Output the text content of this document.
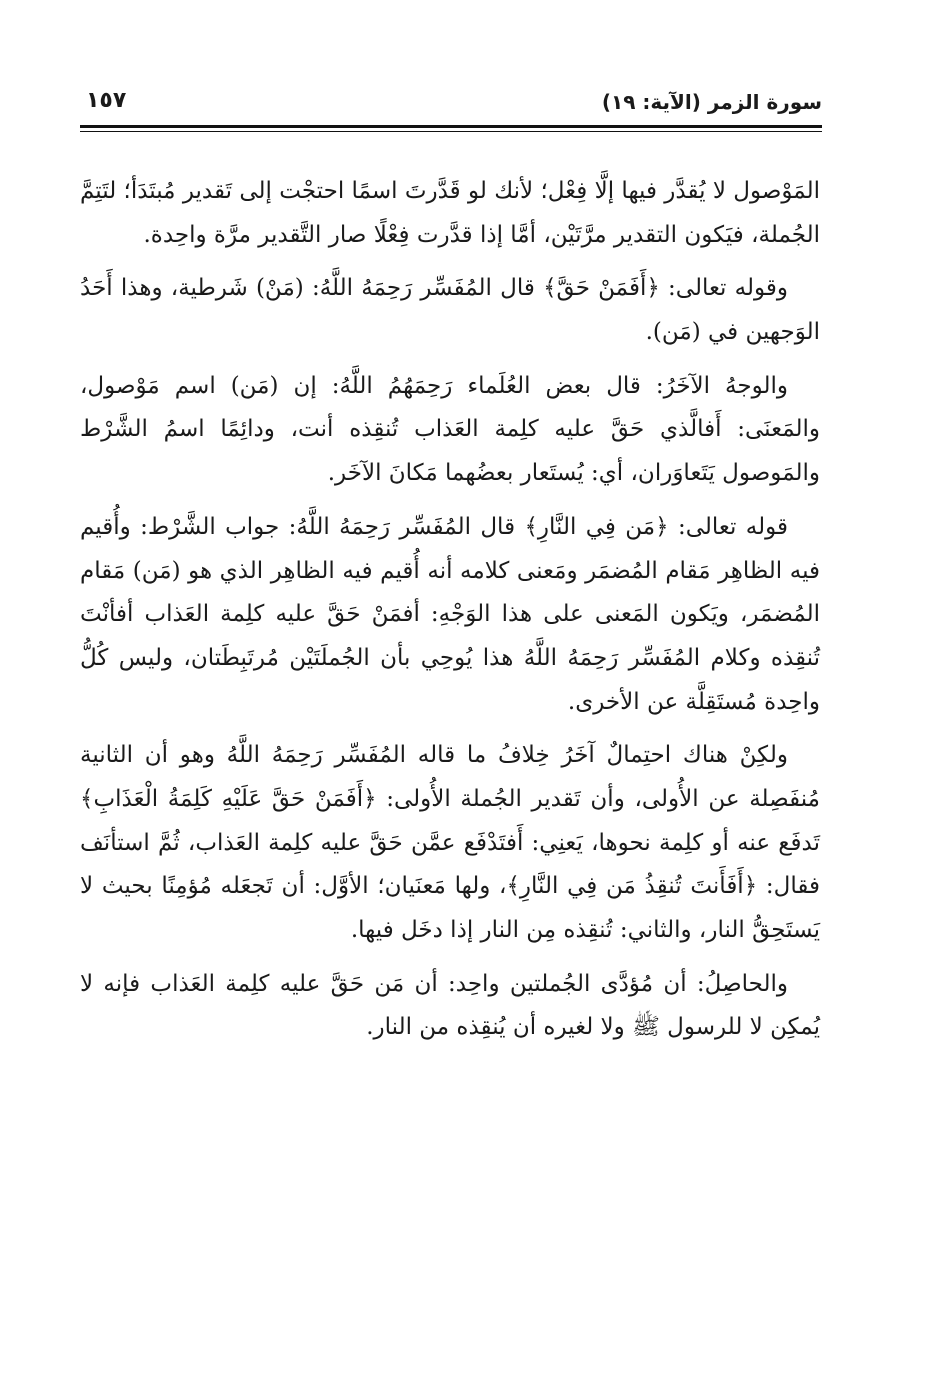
سورة الزمر (الآية: ١٩)
١٥٧

المَوْصول لا يُقدَّر فيها إلَّا فِعْل؛ لأنك لو قَدَّرتَ اسمًا احتجْت إلى تَقدير مُبتَدَأ؛ لتَتِمَّ الجُملة، فيَكون التقدير مرَّتَيْن، أمَّا إذا قدَّرت فِعْلًا صار التَّقدير مرَّة واحِدة.

وقوله تعالى: ﴿أَفَمَنْ حَقَّ﴾ قال المُفَسِّر رَحِمَهُ اللَّهُ: (مَنْ) شَرطية، وهذا أَحَدُ الوَجهين في (مَن).

والوجهُ الآخَرُ: قال بعض العُلَماء رَحِمَهُمُ اللَّهُ: إن (مَن) اسم مَوْصول، والمَعنَى: أَفالَّذي حَقَّ عليه كلِمة العَذاب تُنقِذه أنت، ودائِمًا اسمُ الشَّرْط والمَوصول يَتَعاوَران، أي: يُستَعار بعضُهما مَكانَ الآخَر.

قوله تعالى: ﴿مَن فِي النَّارِ﴾ قال المُفَسِّر رَحِمَهُ اللَّهُ: جواب الشَّرْط: وأُقيم فيه الظاهِر مَقام المُضمَر ومَعنى كلامه أنه أُقيم فيه الظاهِر الذي هو (مَن) مَقام المُضمَر، ويَكون المَعنى على هذا الوَجْهِ: أفمَنْ حَقَّ عليه كلِمة العَذاب أفأنْتَ تُنقِذه وكلام المُفَسِّر رَحِمَهُ اللَّهُ هذا يُوحِي بأن الجُملَتَيْن مُرتَبِطَتان، وليس كُلُّ واحِدة مُستَقِلَّة عن الأخرى.

ولكِنْ هناك احتِمالٌ آخَرُ خِلافُ ما قاله المُفَسِّر رَحِمَهُ اللَّهُ وهو أن الثانية مُنفَصِلة عن الأُولى، وأن تَقدير الجُملة الأُولى: ﴿أَفَمَنْ حَقَّ عَلَيْهِ كَلِمَةُ الْعَذَابِ﴾ تَدفَع عنه أو كلِمة نحوها، يَعنِي: أَفتَدْفَع عمَّن حَقَّ عليه كلِمة العَذاب، ثُمَّ استأنَف فقال: ﴿أَفَأَنتَ تُنقِذُ مَن فِي النَّارِ﴾، ولها مَعنَيان؛ الأوَّل: أن تَجعَله مُؤمِنًا بحيث لا يَستَحِقُّ النار، والثاني: تُنقِذه مِن النار إذا دخَل فيها.

والحاصِلُ: أن مُؤدَّى الجُملتين واحِد: أن مَن حَقَّ عليه كلِمة العَذاب فإنه لا يُمكِن لا للرسول ﷺ ولا لغيره أن يُنقِذه من النار.
